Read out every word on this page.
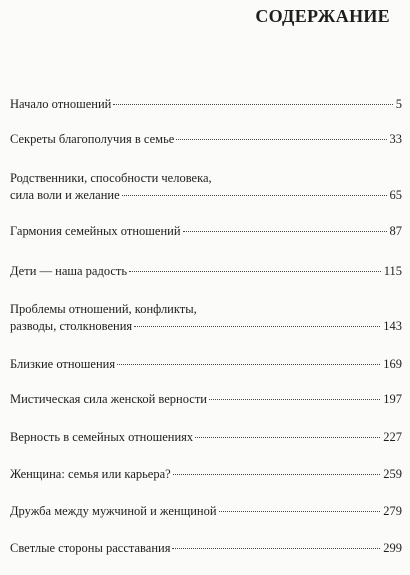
СОДЕРЖАНИЕ
Начало отношений	5
Секреты благополучия в семье	33
Родственники, способности человека,
сила воли и желание	65
Гармония семейных отношений	87
Дети — наша радость	115
Проблемы отношений, конфликты,
разводы, столкновения	143
Близкие отношения	169
Мистическая сила женской верности	197
Верность в семейных отношениях	227
Женщина: семья или карьера?	259
Дружба между мужчиной и женщиной	279
Светлые стороны расставания	299
